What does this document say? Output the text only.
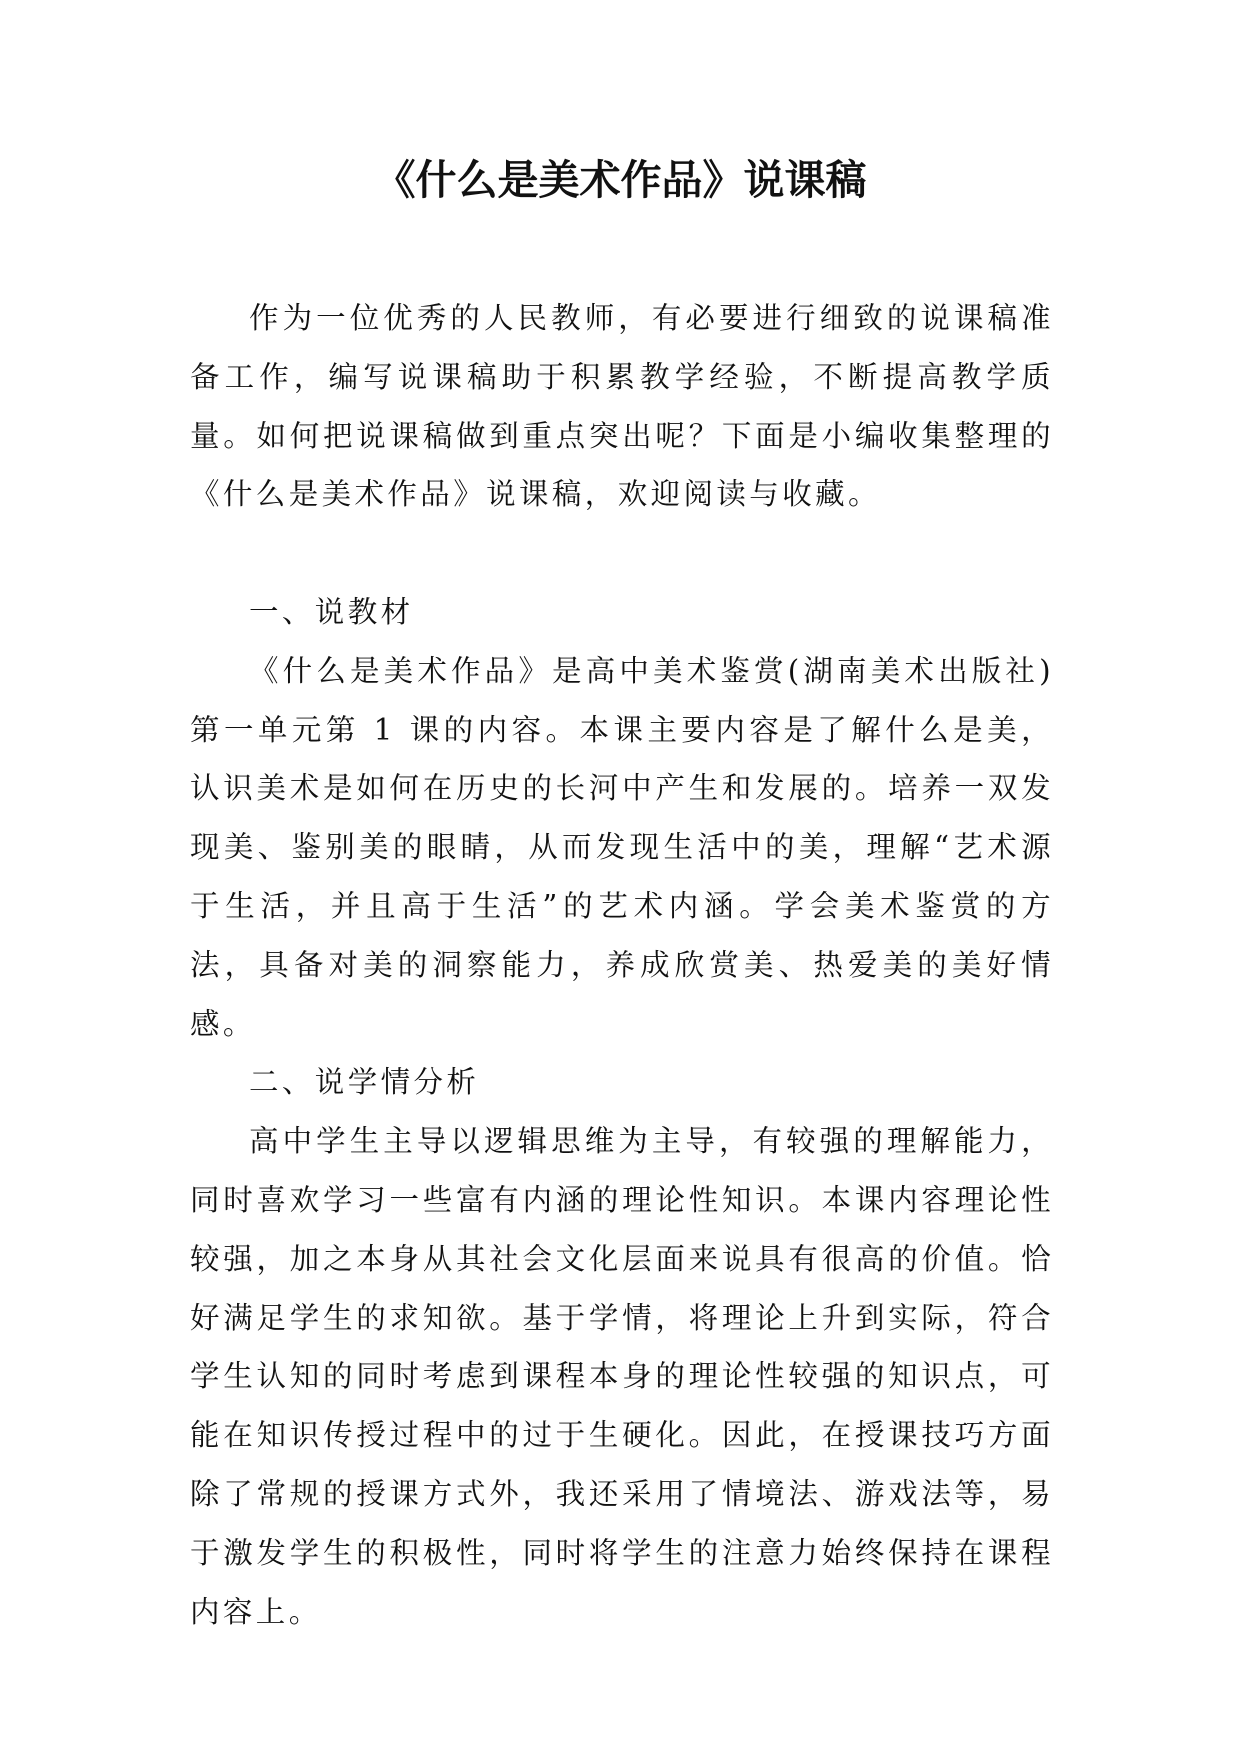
《什么是美术作品》说课稿

作为一位优秀的人民教师，有必要进行细致的说课稿准备工作，编写说课稿助于积累教学经验，不断提高教学质量。如何把说课稿做到重点突出呢？下面是小编收集整理的《什么是美术作品》说课稿，欢迎阅读与收藏。

一、说教材

《什么是美术作品》是高中美术鉴赏(湖南美术出版社)第一单元第 1 课的内容。本课主要内容是了解什么是美，认识美术是如何在历史的长河中产生和发展的。培养一双发现美、鉴别美的眼睛，从而发现生活中的美，理解“艺术源于生活，并且高于生活”的艺术内涵。学会美术鉴赏的方法，具备对美的洞察能力，养成欣赏美、热爱美的美好情感。

二、说学情分析

高中学生主导以逻辑思维为主导，有较强的理解能力，同时喜欢学习一些富有内涵的理论性知识。本课内容理论性较强，加之本身从其社会文化层面来说具有很高的价值。恰好满足学生的求知欲。基于学情，将理论上升到实际，符合学生认知的同时考虑到课程本身的理论性较强的知识点，可能在知识传授过程中的过于生硬化。因此，在授课技巧方面除了常规的授课方式外，我还采用了情境法、游戏法等，易于激发学生的积极性，同时将学生的注意力始终保持在课程内容上。
